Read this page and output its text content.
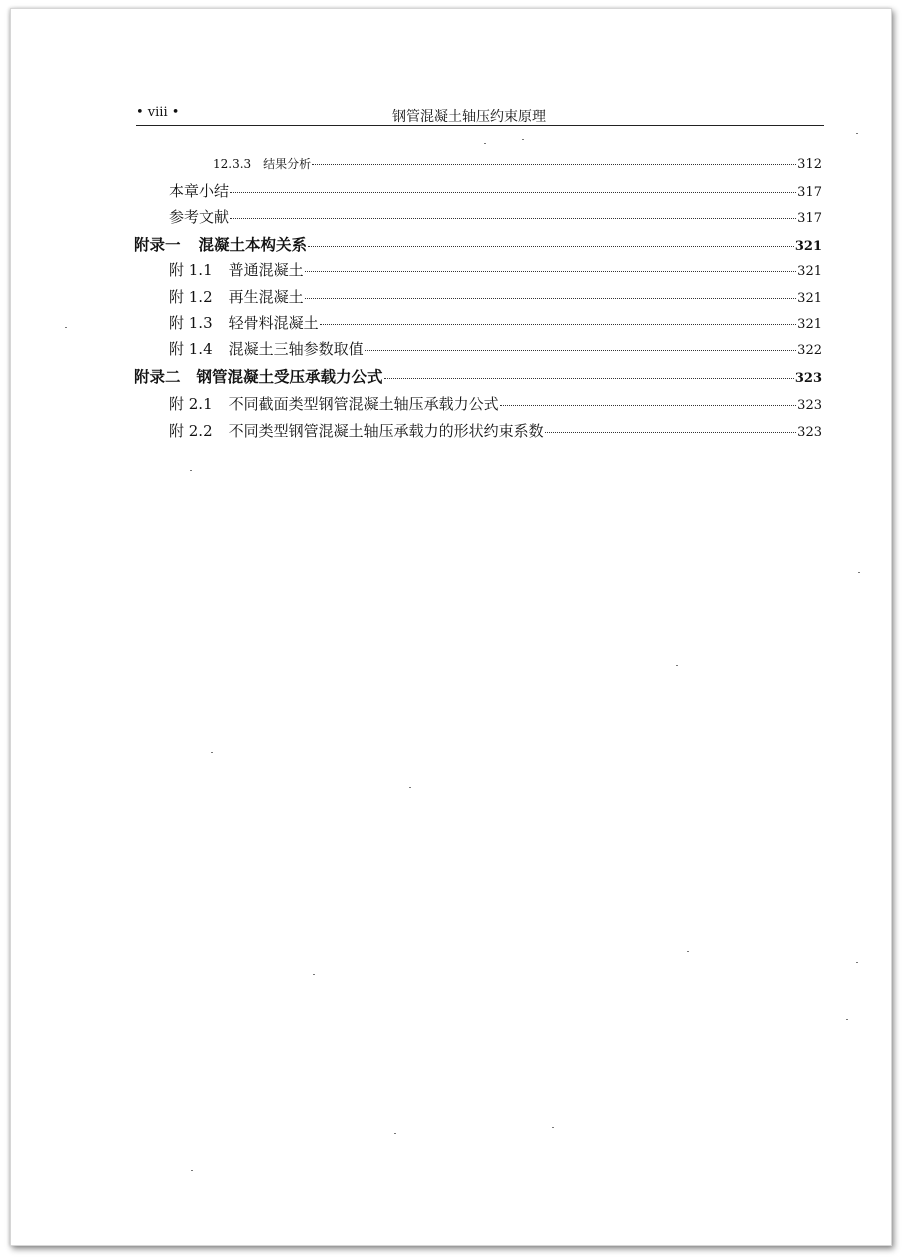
• viii •	钢管混凝土轴压约束原理
12.3.3 结果分析	312
本章小结	317
参考文献	317
附录一 混凝土本构关系	321
附 1.1 普通混凝土	321
附 1.2 再生混凝土	321
附 1.3 轻骨料混凝土	321
附 1.4 混凝土三轴参数取值	322
附录二 钢管混凝土受压承载力公式	323
附 2.1 不同截面类型钢管混凝土轴压承载力公式	323
附 2.2 不同类型钢管混凝土轴压承载力的形状约束系数	323
